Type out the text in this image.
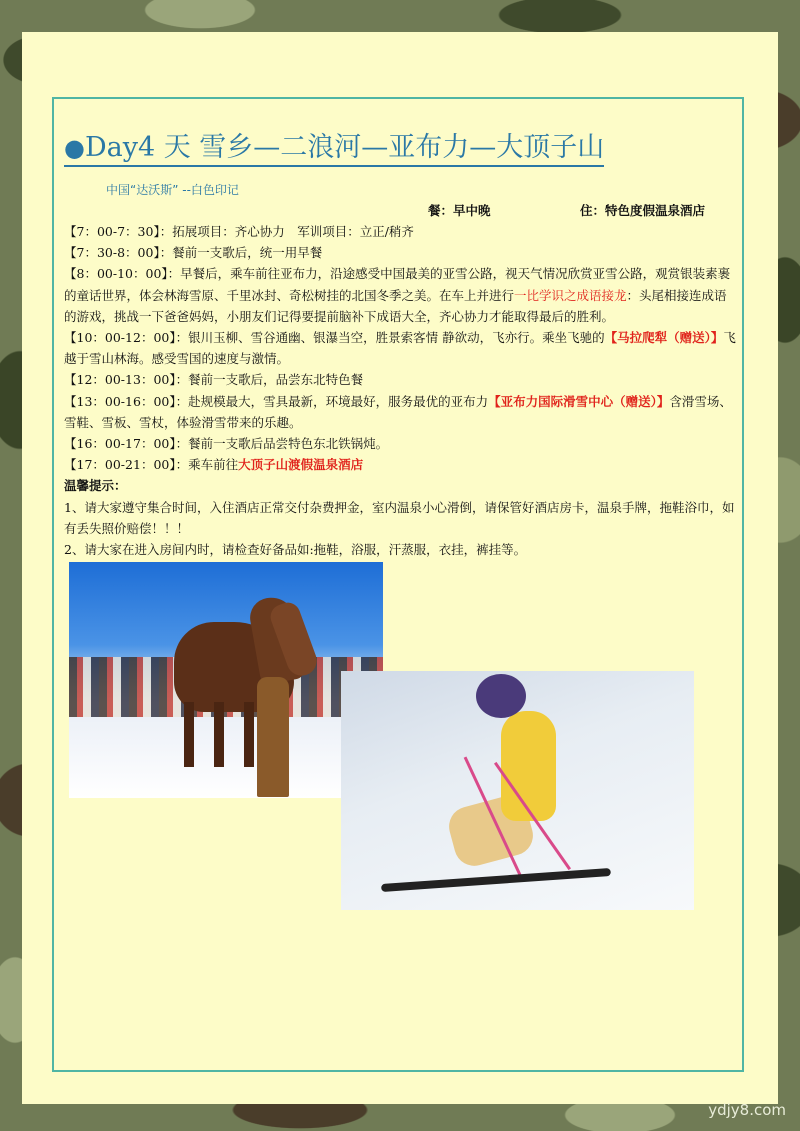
●Day4 天 雪乡—二浪河—亚布力—大顶子山
中国“达沃斯” --白色印记
餐：早中晚	住：特色度假温泉酒店

【7：00-7：30】：拓展项目：齐心协力　军训项目：立正/稍齐

【7：30-8：00】：餐前一支歌后，统一用早餐

【8：00-10：00】：早餐后，乘车前往亚布力，沿途感受中国最美的亚雪公路，视天气情况欣赏亚雪公路，观赏银装素裹的童话世界，体会林海雪原、千里冰封、奇松树挂的北国冬季之美。在车上并进行一比学识之成语接龙：头尾相接连成语的游戏，挑战一下爸爸妈妈，小朋友们记得要提前脑补下成语大全，齐心协力才能取得最后的胜利。

【10：00-12：00】：银川玉柳、雪谷通幽、银瀑当空，胜景索客情 静欲动，飞亦行。乘坐飞驰的【马拉爬犁（赠送）】飞越于雪山林海。感受雪国的速度与激情。

【12：00-13：00】：餐前一支歌后，品尝东北特色餐

【13：00-16：00】：赴规模最大，雪具最新，环境最好，服务最优的亚布力【亚布力国际滑雪中心（赠送）】含滑雪场、雪鞋、雪板、雪杖，体验滑雪带来的乐趣。

【16：00-17：00】：餐前一支歌后品尝特色东北铁锅炖。

【17：00-21：00】：乘车前往大顶子山渡假温泉酒店

温馨提示：

1、请大家遵守集合时间，入住酒店正常交付杂费押金，室内温泉小心滑倒，请保管好酒店房卡，温泉手牌，拖鞋浴巾，如有丢失照价赔偿！！！

2、请大家在进入房间内时，请检查好备品如:拖鞋，浴服，汗蒸服，衣挂，裤挂等。

ydjy8.com
